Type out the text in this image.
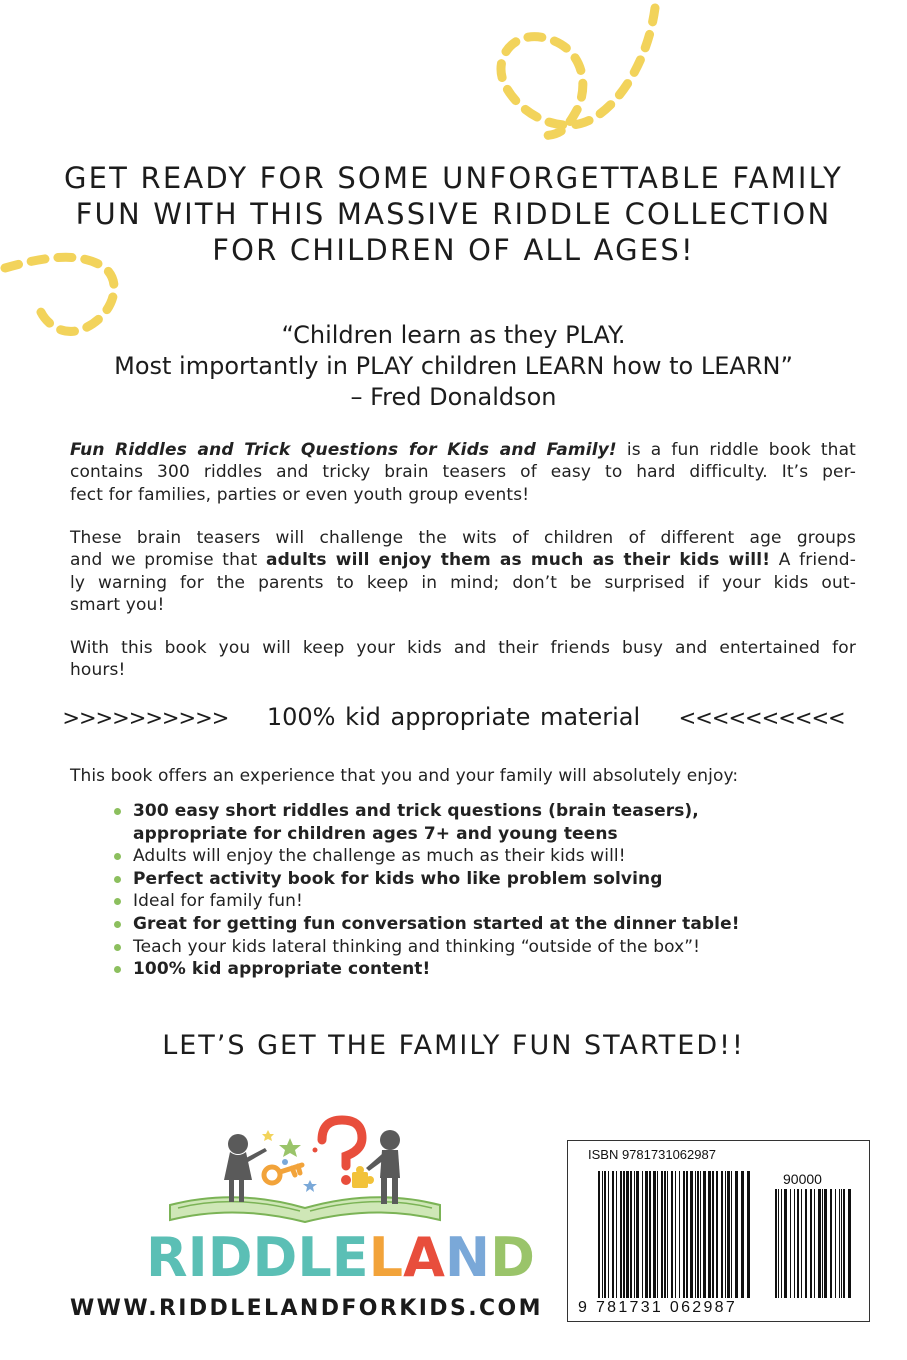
GET READY FOR SOME UNFORGETTABLE FAMILY
FUN WITH THIS MASSIVE RIDDLE COLLECTION
FOR CHILDREN OF ALL AGES!
“Children learn as they PLAY.
Most importantly in PLAY children LEARN how to LEARN”
– Fred Donaldson
Fun Riddles and Trick Questions for Kids and Family! is a fun riddle book that
contains 300 riddles and tricky brain teasers of easy to hard difficulty. It’s per-
fect for families, parties or even youth group events!
These brain teasers will challenge the wits of children of different age groups
and we promise that adults will enjoy them as much as their kids will! A friend-
ly warning for the parents to keep in mind; don’t be surprised if your kids out-
smart you!
With this book you will keep your kids and their friends busy and entertained for
hours!
>>>>>>>>>> 100% kid appropriate material <<<<<<<<<<
This book offers an experience that you and your family will absolutely enjoy:
300 easy short riddles and trick questions (brain teasers),
appropriate for children ages 7+ and young teens
Adults will enjoy the challenge as much as their kids will!
Perfect activity book for kids who like problem solving
Ideal for family fun!
Great for getting fun conversation started at the dinner table!
Teach your kids lateral thinking and thinking “outside of the box”!
100% kid appropriate content!
LET’S GET THE FAMILY FUN STARTED!!
RIDDLELAND
WWW.RIDDLELANDFORKIDS.COM
ISBN 9781731062987
90000
9 781731 062987
